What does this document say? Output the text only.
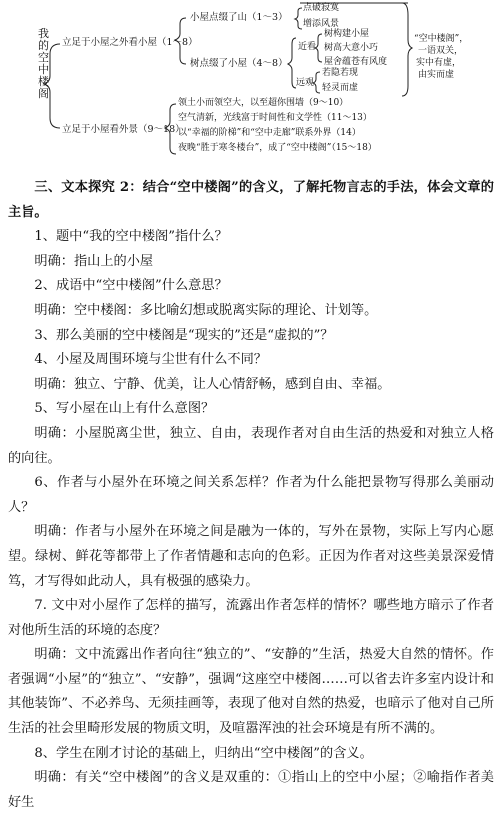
我的空中楼阁
立足于小屋之外看小屋（1～8）
小屋点缀了山（1～3）
点破寂寞
增添风景
树点缀了小屋（4～8）
近看
树构建小屋
树高大意小巧
屋舍蕴苍有风度
远观
若隐若现
轻灵而虚
“空中楼阁”，
一语双关，
实中有虚，
由实而虚
立足于小屋看外景（9～18）
领土小而领空大，以至超你围墙（9～10）
空气清新，光线富于时间性和文学性（11～13）
以“幸福的阶梯”和“空中走廊”联系外界（14）
夜晚“胜于寒冬楼台”，成了“空中楼阁”（15～18）

三、文本探究 2：结合“空中楼阁”的含义，了解托物言志的手法，体会文章的主旨。

1、题中“我的空中楼阁”指什么？

明确：指山上的小屋

2、成语中“空中楼阁”什么意思？

明确：空中楼阁：多比喻幻想或脱离实际的理论、计划等。

3、那么美丽的空中楼阁是“现实的”还是“虚拟的”？

4、小屋及周围环境与尘世有什么不同？

明确：独立、宁静、优美，让人心情舒畅，感到自由、幸福。

5、写小屋在山上有什么意图？

明确：小屋脱离尘世，独立、自由，表现作者对自由生活的热爱和对独立人格的向往。

6、作者与小屋外在环境之间关系怎样？作者为什么能把景物写得那么美丽动人？

明确：作者与小屋外在环境之间是融为一体的，写外在景物，实际上写内心愿望。绿树、鲜花等都带上了作者情趣和志向的色彩。正因为作者对这些美景深爱情笃，才写得如此动人，具有极强的感染力。

7. 文中对小屋作了怎样的描写，流露出作者怎样的情怀？哪些地方暗示了作者对他所生活的环境的态度？

明确：文中流露出作者向往“独立的”、“安静的”生活，热爱大自然的情怀。作者强调“小屋”的“独立”、“安静”，强调“这座空中楼阁……可以省去许多室内设计和其他装饰”、不必养鸟、无须挂画等，表现了他对自然的热爱，也暗示了他对自己所生活的社会里畸形发展的物质文明，及喧嚣浑浊的社会环境是有所不满的。

8、学生在刚才讨论的基础上，归纳出“空中楼阁”的含义。

明确：有关“空中楼阁”的含义是双重的：①指山上的空中小屋；②喻指作者美好生
